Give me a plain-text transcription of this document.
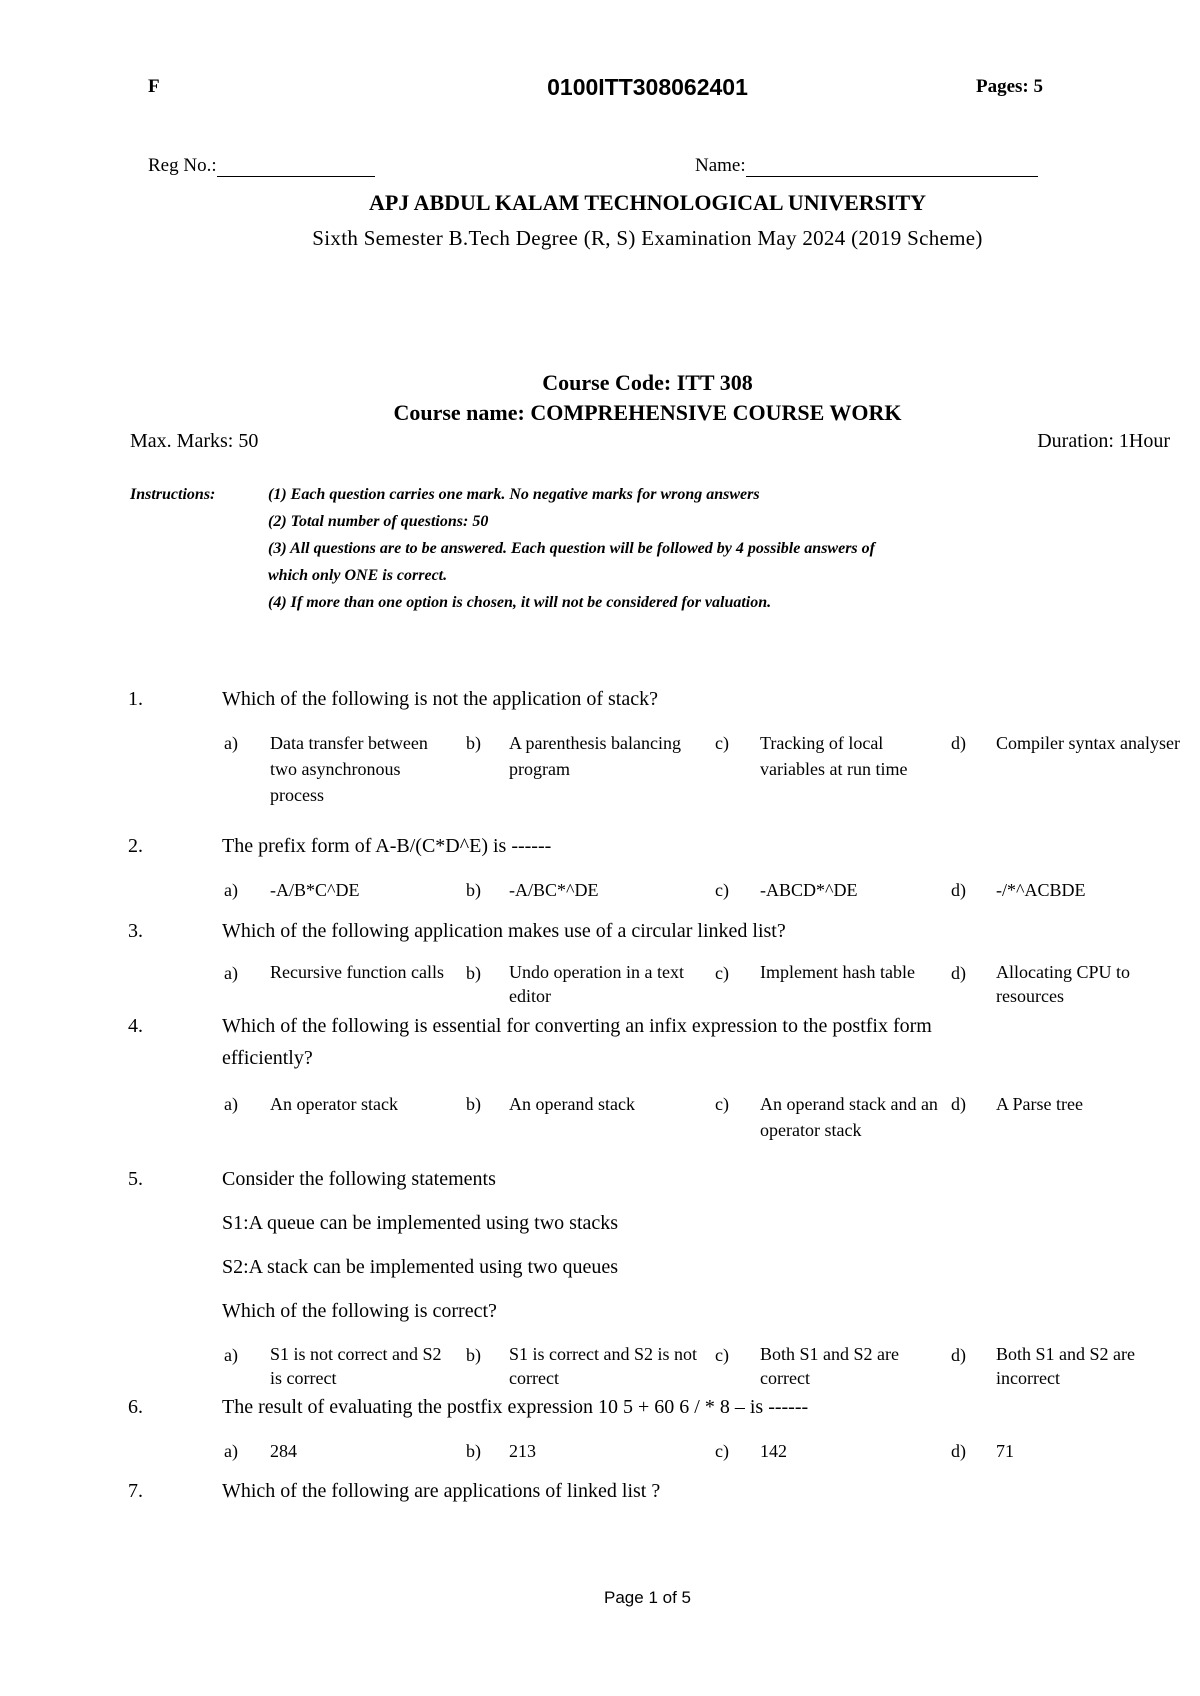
F	0100ITT308062401	Pages: 5
Reg No.:	Name:
APJ ABDUL KALAM TECHNOLOGICAL UNIVERSITY
Sixth Semester B.Tech Degree (R, S) Examination May 2024 (2019 Scheme)
Course Code: ITT 308
Course name: COMPREHENSIVE COURSE WORK
Max. Marks: 50	Duration: 1Hour
Instructions:	(1) Each question carries one mark. No negative marks for wrong answers
(2) Total number of questions: 50
(3) All questions are to be answered. Each question will be followed by 4 possible answers of
which only ONE is correct.
(4) If more than one option is chosen, it will not be considered for valuation.
1.	Which of the following is not the application of stack?
a) Data transfer between two asynchronous process
b) A parenthesis balancing program
c) Tracking of local variables at run time
d) Compiler syntax analyser
2.	The prefix form of A-B/(C*D^E) is ------
a) -A/B*C^DE	b) -A/BC*^DE	c) -ABCD*^DE	d) -/*^ACBDE
3.	Which of the following application makes use of a circular linked list?
a) Recursive function calls b) Undo operation in a text editor
c) Implement hash table	d) Allocating CPU to resources
4.	Which of the following is essential for converting an infix expression to the postfix form
efficiently?
a) An operator stack	b) An operand stack	c) An operand stack and an operator stack
d) A Parse tree
5.	Consider the following statements
S1:A queue can be implemented using two stacks
S2:A stack can be implemented using two queues
Which of the following is correct?
a) S1 is not correct and S2 is correct
b) S1 is correct and S2 is not correct
c) Both S1 and S2 are correct
d) Both S1 and S2 are incorrect
6.	The result of evaluating the postfix expression 10 5 + 60 6 / * 8 – is ------
a) 284	b) 213	c) 142	d) 71
7.	Which of the following are applications of linked list ?
Page 1 of 5
